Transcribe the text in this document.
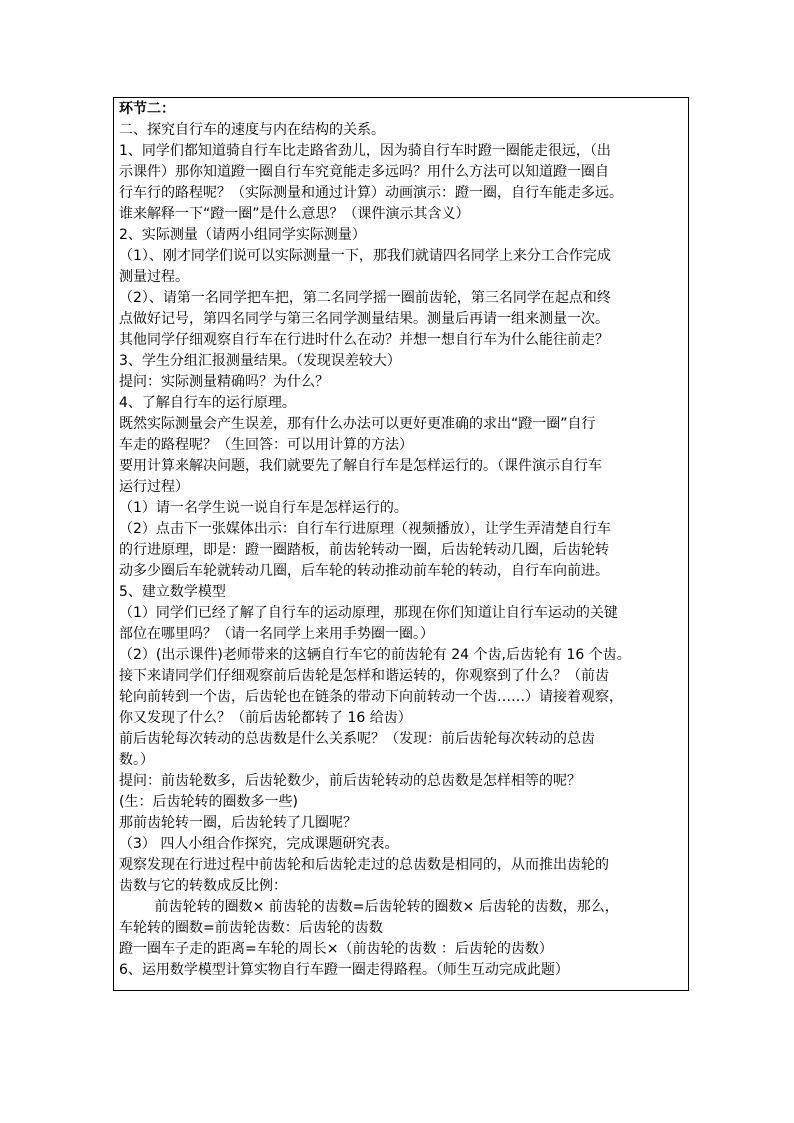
环节二：
二、探究自行车的速度与内在结构的关系。
1、同学们都知道骑自行车比走路省劲儿，因为骑自行车时蹬一圈能走很远，（出
示课件）那你知道蹬一圈自行车究竟能走多远吗？用什么方法可以知道蹬一圈自
行车行的路程呢？（实际测量和通过计算）动画演示：蹬一圈，自行车能走多远。
谁来解释一下“蹬一圈”是什么意思？（课件演示其含义）
2、实际测量（请两小组同学实际测量）
（1）、刚才同学们说可以实际测量一下，那我们就请四名同学上来分工合作完成
测量过程。
（2）、请第一名同学把车把，第二名同学摇一圈前齿轮，第三名同学在起点和终
点做好记号，第四名同学与第三名同学测量结果。测量后再请一组来测量一次。
其他同学仔细观察自行车在行进时什么在动？并想一想自行车为什么能往前走？
3、学生分组汇报测量结果。（发现误差较大）
提问：实际测量精确吗？为什么？
4、了解自行车的运行原理。
既然实际测量会产生误差，那有什么办法可以更好更准确的求出“蹬一圈”自行
车走的路程呢？（生回答：可以用计算的方法）
要用计算来解决问题，我们就要先了解自行车是怎样运行的。（课件演示自行车
运行过程）
（1）请一名学生说一说自行车是怎样运行的。
（2）点击下一张媒体出示：自行车行进原理（视频播放），让学生弄清楚自行车
的行进原理，即是：蹬一圈踏板，前齿轮转动一圈，后齿轮转动几圈，后齿轮转
动多少圈后车轮就转动几圈，后车轮的转动推动前车轮的转动，自行车向前进。
5、建立数学模型
（1）同学们已经了解了自行车的运动原理，那现在你们知道让自行车运动的关键
部位在哪里吗？（请一名同学上来用手势圈一圈。）
（2）(出示课件)老师带来的这辆自行车它的前齿轮有 24 个齿,后齿轮有 16 个齿。
接下来请同学们仔细观察前后齿轮是怎样和谐运转的，你观察到了什么？（前齿
轮向前转到一个齿，后齿轮也在链条的带动下向前转动一个齿……）请接着观察，
你又发现了什么？（前后齿轮都转了 16 给齿）
前后齿轮每次转动的总齿数是什么关系呢？（发现：前后齿轮每次转动的总齿
数。）
提问：前齿轮数多，后齿轮数少，前后齿轮转动的总齿数是怎样相等的呢？
(生：后齿轮转的圈数多一些)
那前齿轮转一圈，后齿轮转了几圈呢？
（3） 四人小组合作探究，完成课题研究表。
观察发现在行进过程中前齿轮和后齿轮走过的总齿数是相同的，从而推出齿轮的
齿数与它的转数成反比例：
前齿轮转的圈数× 前齿轮的齿数=后齿轮转的圈数× 后齿轮的齿数，那么，
车轮转的圈数=前齿轮齿数：后齿轮的齿数
蹬一圈车子走的距离=车轮的周长×（前齿轮的齿数 ：后齿轮的齿数）
6、运用数学模型计算实物自行车蹬一圈走得路程。（师生互动完成此题）
